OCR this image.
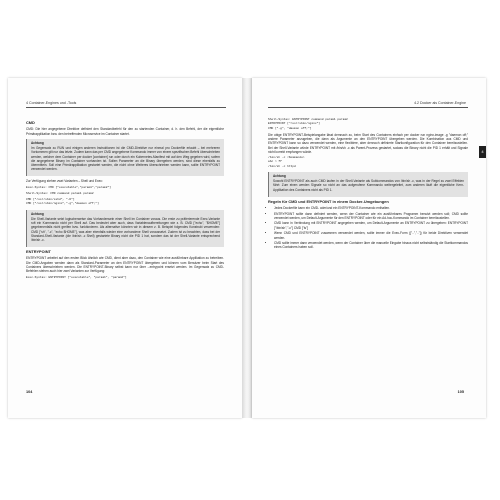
4 Container-Engines und -Tools
CMD
CMD: Die hier angegebene Direktive definiert den Standardbefehl für den zu startenden Container, d. h. den Befehl, der die eigentliche Primärapplikation bzw. den betreffenden Microservice im Container startet.
Achtung
Im Gegensatz zu RUN und einigen anderen Instruktionen ist die CMD-Direktive nur einmal pro Dockerfile erlaubt – bei mehreren Vorkommen gilt nur das letzte. Zudem kann das per CMD angegebene Kommando immer von einem spezifischen Befehl überschrieben werden, welcher dem Container per docker [container] run oder durch ein Kubernetes-Manifest mit auf den Weg gegeben wird, sofern die angegebene Binary im Container vorhanden ist. Sollen Parameter an die Binary übergeben werden, sind diese ebenfalls zu übermitteln. Soll eine Primärapplikation gestartet werden, die nicht ohne Weiteres überschrieben werden kann, sollte ENTRYPOINT verwendet werden.
Zur Verfügung stehen zwei Varianten – Shell und Exec:
Exec-Syntax: CMD ["executable","param1","param2"]
Shell-Syntax: CMD command param1 param2
CMD ["/usr/sbin/sshd", "-D"]
CMD ["/usr/sbin/nginx","-g","daemon off;"]
Achtung
Die Shell-Variante setzt logischerweise das Vorhandensein einer Shell im Container voraus. Die erste zu präferierende Exec-Variante ruft ein Kommando nicht per Shell auf. Das bedeutet aber auch, dass Variablenaufbereitungen wie z. B. CMD ["echo", "$HOME"] gegebenenfalls nicht greifen bzw. funktionieren. Als alternative könnten wir in diesem z. B. Beispiel folgendes Konstrukt verwenden: CMD ["sh", "-c", "echo $HOME"], was aber ebenfalls wieder eine vorhandene Shell voraussetzt. Zudem ist zu beachten, dass bei der Standard-Shell-Variante (die /bin/sh -c Shell) gestartete Binary nicht die PID 1 hat, sondern das ist der Shell-Variante entsprechend /bin/sh -c.
ENTRYPOINT
ENTRYPOINT arbeitet auf den ersten Blick ähnlich wie CMD, dient aber dazu, den Container wie eine ausführbare Applikation zu betreiben. Die CMD-Angaben werden dann als Standard-Parameter an den ENTRYPOINT übergeben und können vom Benutzer beim Start des Containers überschrieben werden. Die ENTRYPOINT-Binary selbst kann nur über --entrypoint ersetzt werden. Im Gegensatz zu CMD-Befehlen stehen auch hier zwei Varianten zur Verfügung:
Exec-Syntax: ENTRYPOINT ["executable", "param1", "param2"]
104
4.2 Docker als Container-Engine
4
Shell-Syntax: ENTRYPOINT command param1 param2
ENTRYPOINT ["/usr/sbin/nginx"]
CMD ["-g", "daemon off;"]
Die obige ENTRYPOINT-Beispielangabe lässt demnach zu, beim Start des Containers einfach per docker run nginx-image -g "daemon off;" andere Parameter anzugeben, die dann als Argumente an den ENTRYPOINT übergeben werden. Die Kombination aus CMD und ENTRYPOINT kann so dazu verwendet werden, eine flexiblere, aber dennoch definierte Startkonfiguration für den Container bereitzustellen. Bei der Shell-Variante würde ENTRYPOINT mit /bin/sh -c als Parent-Prozess gestartet, sodass die Binary nicht die PID 1 erhält und Signale nicht korrekt empfangen würde.
/bin/sh -c <Kommando>
abc > ff
/bin/sh -c httpd
Achtung
Sowohl ENTRYPOINT als auch CMD laufen in der Shell-Variante als Subkommandos von /bin/sh -c, was in der Regel zu zwei Effekten führt: Zum einen werden Signale so nicht an das aufgerufene Kommando weitergeleitet, zum anderen läuft die eigentliche Kern-Applikation des Containers nicht als PID 1.
Regeln für CMD und ENTRYPOINT in einem Docker-Umgebungen
• Jedes Dockerfile kann ein CMD- oder/und ein ENTRYPOINT-Kommando enthalten.
• ENTRYPOINT sollte dann definiert werden, wenn der Container wie ein ausführbares Programm benutzt werden soll; CMD sollte verwendet werden, um Default-Argumente für den ENTRYPOINT oder für ein Ad-hoc-Kommando im Container bereitzustellen.
• CMD kann in Verbindung mit ENTRYPOINT angegeben werden, um Default-Argumente an ENTRYPOINT zu übergeben: ENTRYPOINT ["/bin/sh","-c"] CMD ["ls"]
• Wenn CMD und ENTRYPOINT zusammen verwendet werden, sollte immer die Exec-Form (["..",".."]) für beide Direktiven verwendet werden.
• CMD sollte immer dann verwendet werden, wenn der Container über die manuelle Eingabe hinaus nicht selbstständig die Startkommandos eines Containers haben soll.
105
